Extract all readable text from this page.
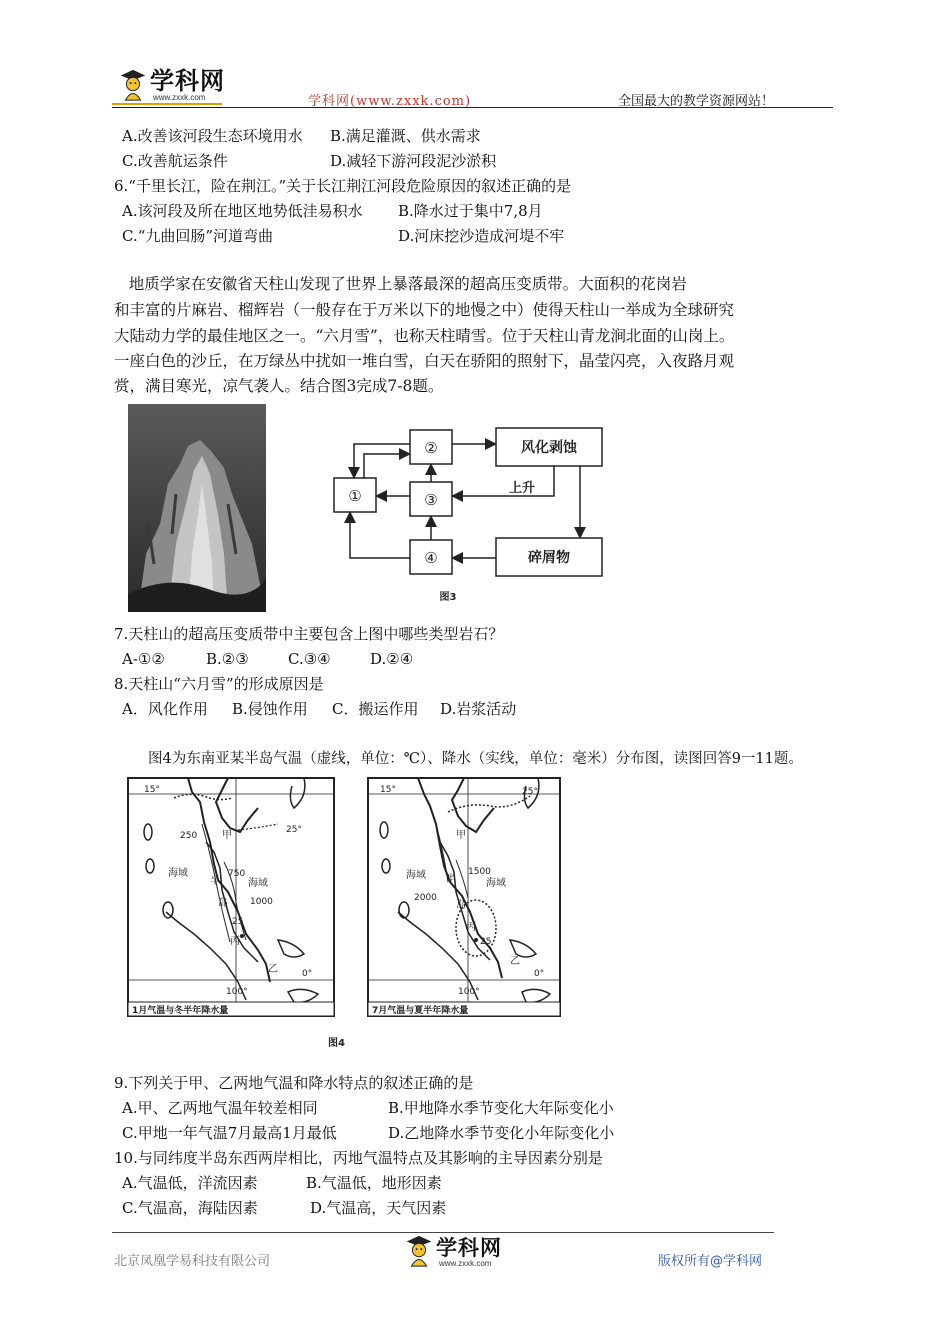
学科网
www.zxxk.com	学科网(www.zxxk.com)	全国最大的教学资源网站！
A.改善该河段生态环境用水 B.满足灌溉、供水需求
C.改善航运条件	D.减轻下游河段泥沙淤积
6.“千里长江，险在荆江。”关于长江荆江河段危险原因的叙述正确的是
A.该河段及所在地区地势低洼易积水 B.降水过于集中7,8月
C.“九曲回肠”河道弯曲	D.河床挖沙造成河堤不牢
地质学家在安徽省天柱山发现了世界上暴落最深的超高压变质带。大面积的花岗岩
和丰富的片麻岩、榴辉岩（一般存在于万米以下的地慢之中）使得天柱山一举成为全球研究
大陆动力学的最佳地区之一。“六月雪”，也称天柱晴雪。位于天柱山青龙涧北面的山岗上。
一座白色的沙丘，在万绿丛中扰如一堆白雪，白天在骄阳的照射下，晶莹闪亮，入夜路月观
赏，满目寒光，凉气袭人。结合图3完成7-8题。
①
②
③
④
风化剥蚀
上升
碎屑物
图3
7.天柱山的超高压变质带中主要包含上图中哪些类型岩石？
A-①②	B.②③	C.③④	D.②④
8.天柱山“六月雪”的形成原因是
A．风化作用 B.侵蚀作用 C．搬运作用 D.岩浆活动
图4为东南亚某半岛气温（虚线，单位：℃）、降水（实线，单位：毫米）分布图，读图回答9一11题。
15°
25°
250 甲
海域
半
750
海域
1000
岛
25
丙
乙	0°
100°
1月气温与冬半年降水量
15°	25°
甲
1500
海域 半	海域
2000
岛
丙
25
乙
0°
100°
7月气温与夏半年降水量
图4
9.下列关于甲、乙两地气温和降水特点的叙述正确的是
A.甲、乙两地气温年较差相同	B.甲地降水季节变化大年际变化小
C.甲地一年气温7月最高1月最低	D.乙地降水季节变化小年际变化小
10.与同纬度半岛东西两岸相比，丙地气温特点及其影响的主导因素分别是
A.气温低，洋流因素	B.气温低，地形因素
C.气温高，海陆因素	D.气温高，天气因素
北京凤凰学易科技有限公司
学科网
www.zxxk.com	版权所有@学科网
